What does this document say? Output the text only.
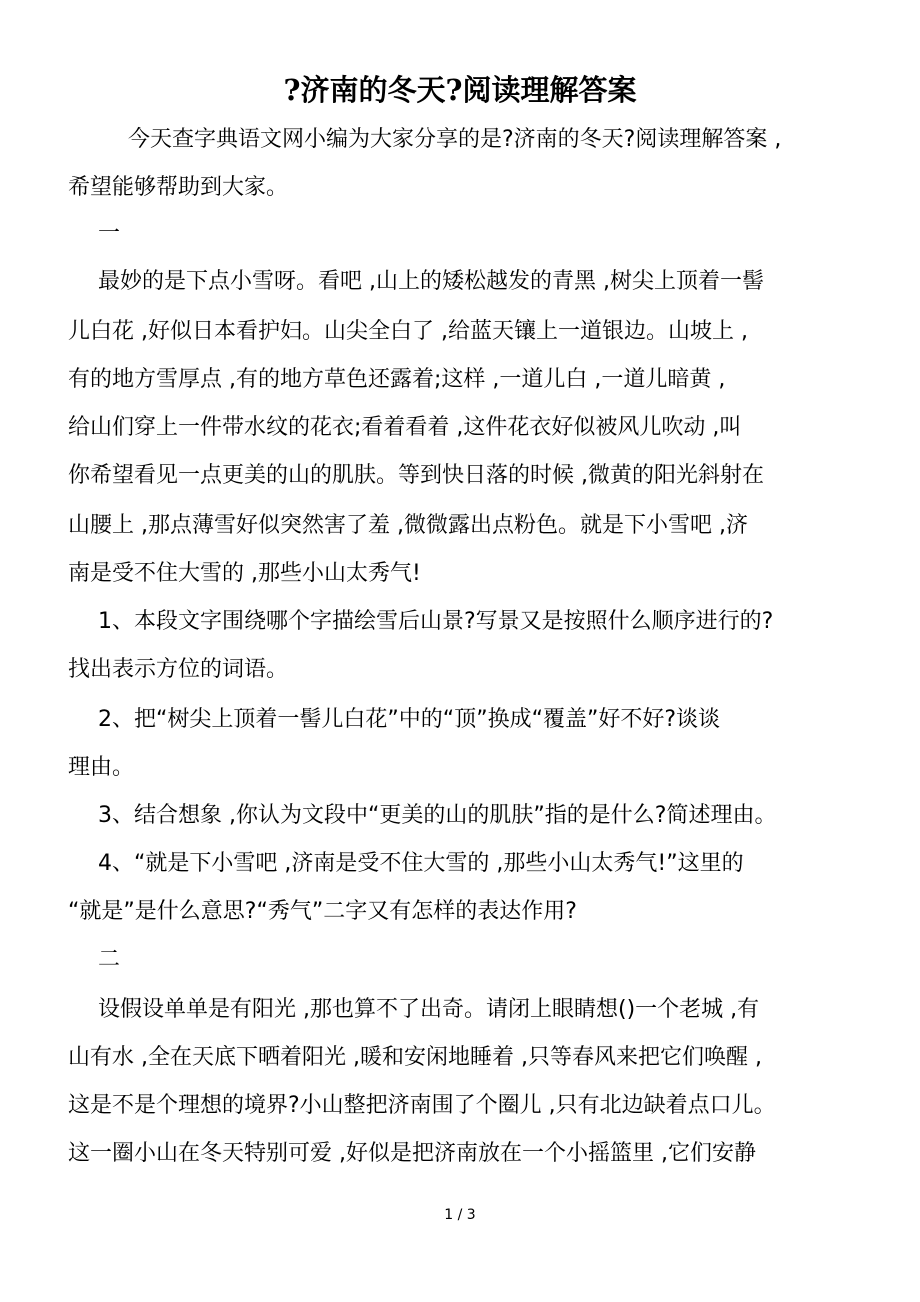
?济南的冬天?阅读理解答案
今天查字典语文网小编为大家分享的是?济南的冬天?阅读理解答案 ,
希望能够帮助到大家。
一
最妙的是下点小雪呀。看吧 ,山上的矮松越发的青黑 ,树尖上顶着一髻
儿白花 ,好似日本看护妇。山尖全白了 ,给蓝天镶上一道银边。山坡上 ,
有的地方雪厚点 ,有的地方草色还露着;这样 ,一道儿白 ,一道儿暗黄 ,
给山们穿上一件带水纹的花衣;看着看着 ,这件花衣好似被风儿吹动 ,叫
你希望看见一点更美的山的肌肤。等到快日落的时候 ,微黄的阳光斜射在
山腰上 ,那点薄雪好似突然害了羞 ,微微露出点粉色。就是下小雪吧 ,济
南是受不住大雪的 ,那些小山太秀气!
1、本段文字围绕哪个字描绘雪后山景?写景又是按照什么顺序进行的?
找出表示方位的词语。
2、把“树尖上顶着一髻儿白花”中的“顶”换成“覆盖”好不好?谈谈
理由。
3、结合想象 ,你认为文段中“更美的山的肌肤”指的是什么?简述理由。
4、“就是下小雪吧 ,济南是受不住大雪的 ,那些小山太秀气!”这里的
“就是”是什么意思?“秀气”二字又有怎样的表达作用?
二
设假设单单是有阳光 ,那也算不了出奇。请闭上眼睛想()一个老城 ,有
山有水 ,全在天底下晒着阳光 ,暖和安闲地睡着 ,只等春风来把它们唤醒 ,
这是不是个理想的境界?小山整把济南围了个圈儿 ,只有北边缺着点口儿。
这一圈小山在冬天特别可爱 ,好似是把济南放在一个小摇篮里 ,它们安静
1 / 3
